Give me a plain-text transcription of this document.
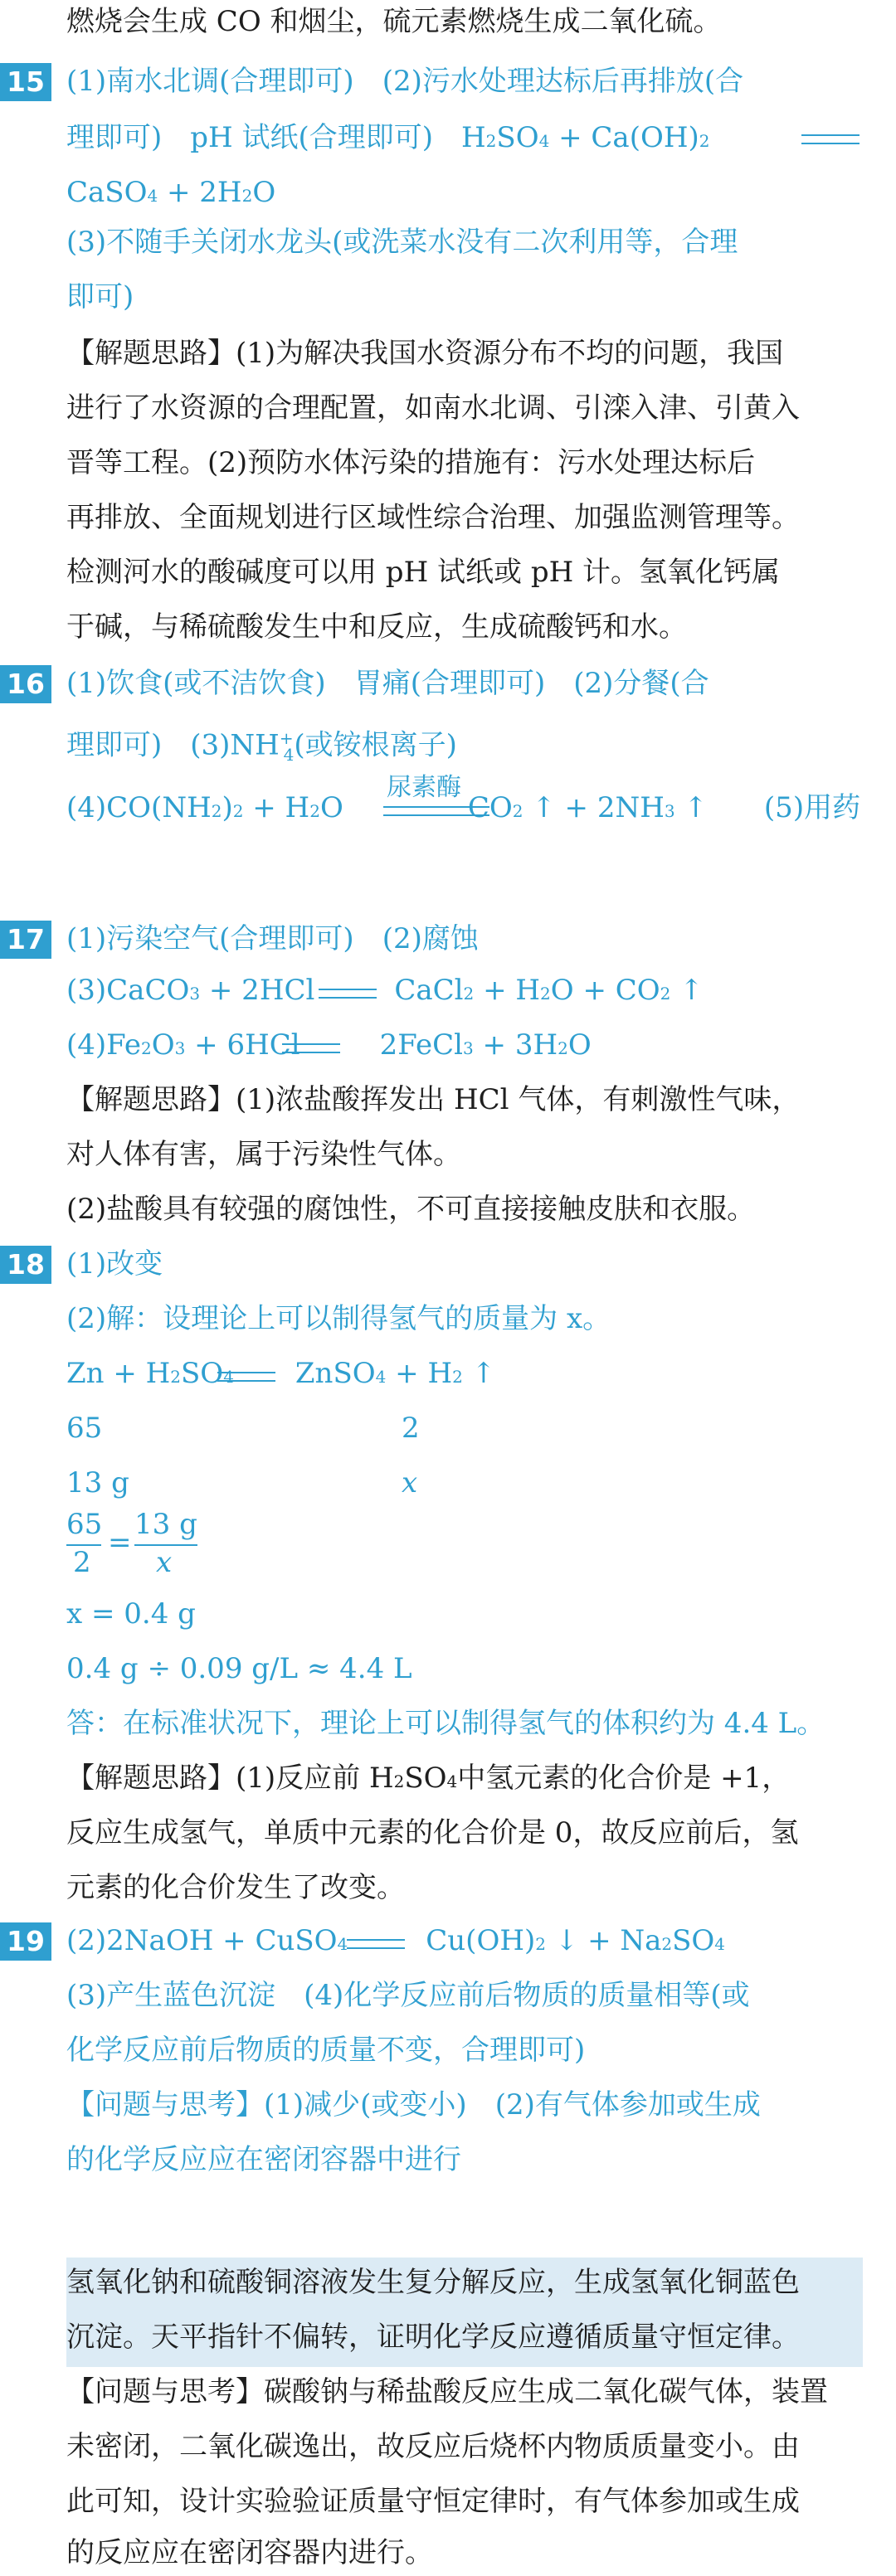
燃烧会生成 CO 和烟尘，硫元素燃烧生成二氧化硫。
15 (1)南水北调(合理即可)　(2)污水处理达标后再排放(合
理即可)　pH 试纸(合理即可)　H2SO4 + Ca(OH)2
CaSO4 + 2H2O
(3)不随手关闭水龙头(或洗菜水没有二次利用等，合理
即可)
【解题思路】(1)为解决我国水资源分布不均的问题，我国
进行了水资源的合理配置，如南水北调、引滦入津、引黄入
晋等工程。(2)预防水体污染的措施有：污水处理达标后
再排放、全面规划进行区域性综合治理、加强监测管理等。
检测河水的酸碱度可以用 pH 试纸或 pH 计。氢氧化钙属
于碱，与稀硫酸发生中和反应，生成硫酸钙和水。
16 (1)饮食(或不洁饮食)　胃痛(合理即可)　(2)分餐(合
理即可)　$(3)NH^+_4$(或铵根离子)
尿素酶
(4)CO(NH2)2 + H2O	CO2 ↑ + 2NH3 ↑　　(5)用药
17 (1)污染空气(合理即可)　(2)腐蚀
(3)CaCO3 + 2HCl	CaCl2 + H2O + CO2 ↑
(4)Fe2O3 + 6HCl	2FeCl3 + 3H2O
【解题思路】(1)浓盐酸挥发出 HCl 气体，有刺激性气味，
对人体有害，属于污染性气体。
(2)盐酸具有较强的腐蚀性，不可直接接触皮肤和衣服。
18 (1)改变
(2)解：设理论上可以制得氢气的质量为 x。
Zn + H2SO4 ZnSO4 + H2 ↑
65	2
13 g	x
65
2
=
13 g
x
x = 0.4 g
0.4 g ÷ 0.09 g/L ≈ 4.4 L
答：在标准状况下，理论上可以制得氢气的体积约为 4.4 L。
【解题思路】(1)反应前 H2SO4中氢元素的化合价是 +1，
反应生成氢气，单质中元素的化合价是 0，故反应前后，氢
元素的化合价发生了改变。
19 (2)2NaOH + CuSO4	Cu(OH)2 ↓ + Na2SO4
(3)产生蓝色沉淀　(4)化学反应前后物质的质量相等(或
化学反应前后物质的质量不变，合理即可)
【问题与思考】(1)减少(或变小)　(2)有气体参加或生成
的化学反应应在密闭容器中进行
氢氧化钠和硫酸铜溶液发生复分解反应，生成氢氧化铜蓝色
沉淀。天平指针不偏转，证明化学反应遵循质量守恒定律。
【问题与思考】碳酸钠与稀盐酸反应生成二氧化碳气体，装置
未密闭，二氧化碳逸出，故反应后烧杯内物质质量变小。由
此可知，设计实验验证质量守恒定律时，有气体参加或生成
的反应应在密闭容器内进行。
